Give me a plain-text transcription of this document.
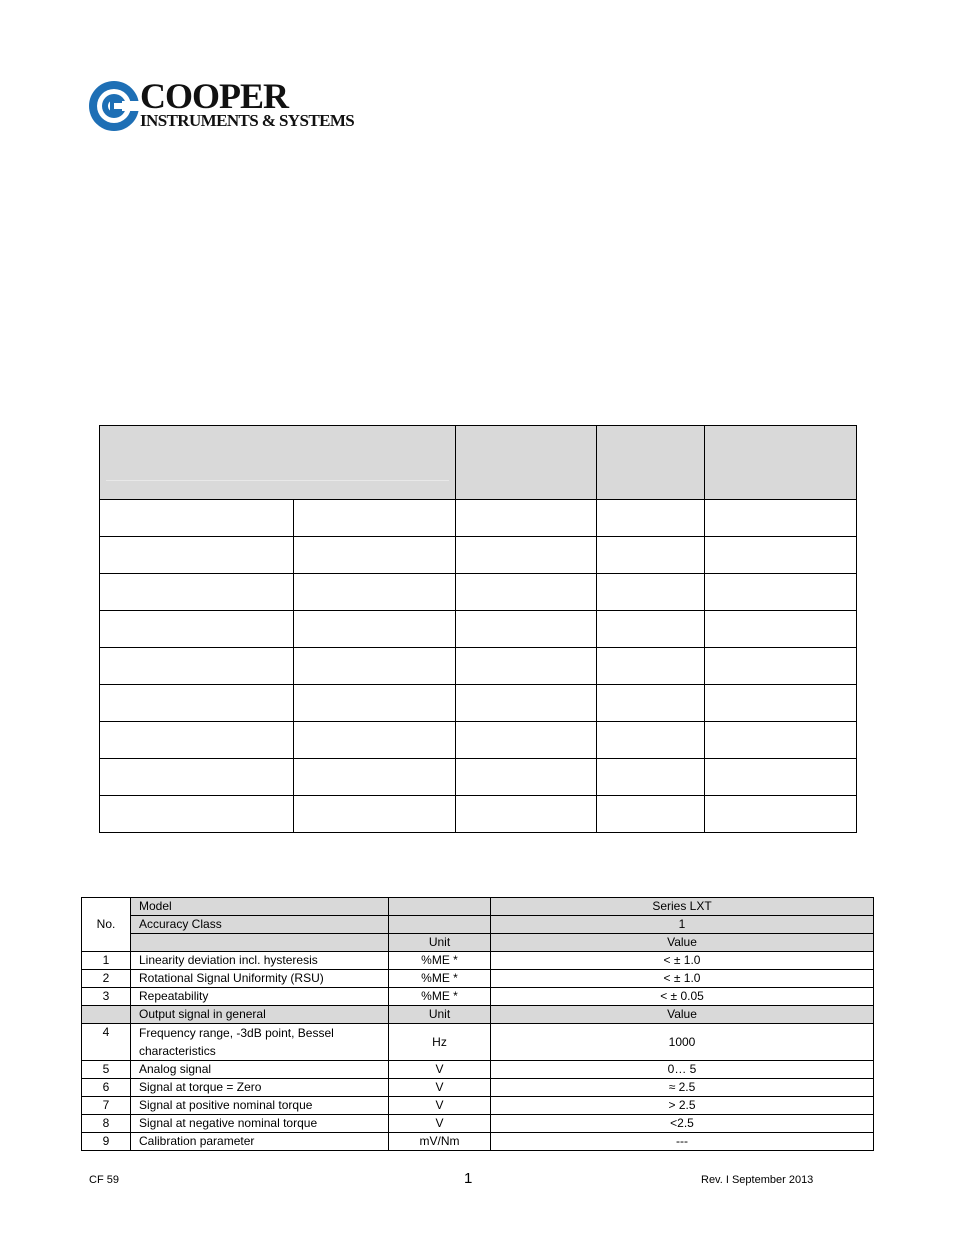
COOPER
INSTRUMENTS & SYSTEMS

No.	Model		Series LXT
	Accuracy Class		1
		Unit	Value
1	Linearity deviation incl. hysteresis	%ME *	< ± 1.0
2	Rotational Signal Uniformity (RSU)	%ME *	< ± 1.0
3	Repeatability	%ME *	< ± 0.05
	Output signal in general	Unit	Value
4	Frequency range, -3dB point, Bessel characteristics	Hz	1000
5	Analog signal	V	0… 5
6	Signal at torque = Zero	V	≈ 2.5
7	Signal at positive nominal torque	V	> 2.5
8	Signal at negative nominal torque	V	<2.5
9	Calibration parameter	mV/Nm	---
CF 59	1	Rev. I September 2013
